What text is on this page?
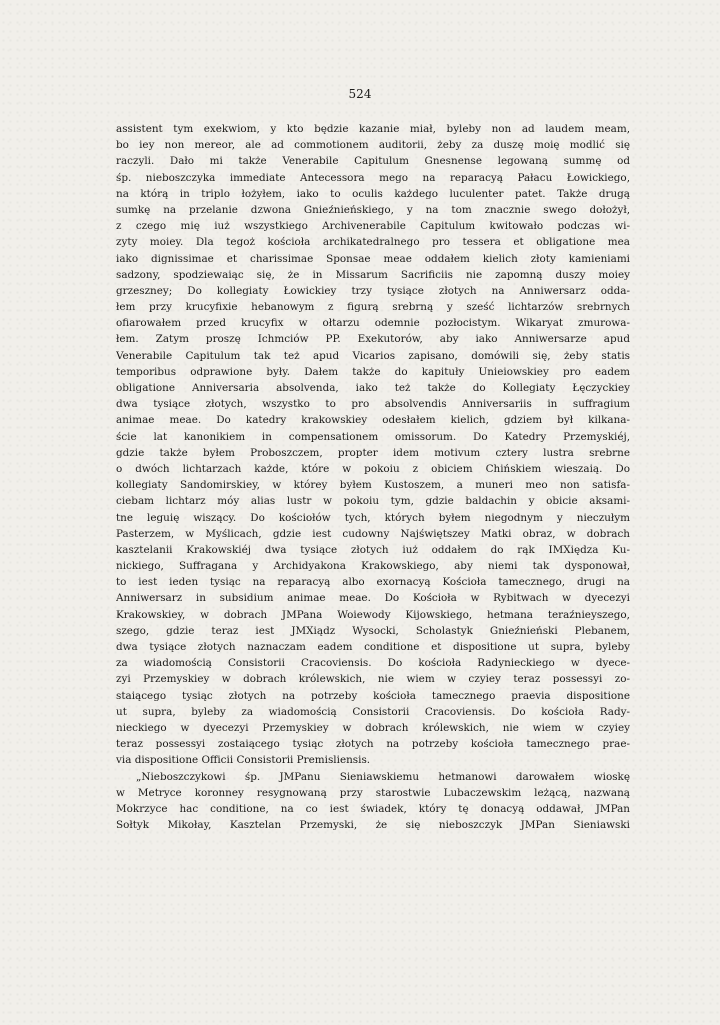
524
assistent tym exekwiom, y kto będzie kazanie miał, byleby non ad laudem meam,
bo iey non mereor, ale ad commotionem auditorii, żeby za duszę moię modlić się
raczyli. Dało mi także Venerabile Capitulum Gnesnense legowaną summę od
śp. nieboszczyka immediate Antecessora mego na reparacyą Pałacu Łowickiego,
na którą in triplo łożyłem, iako to oculis każdego luculenter patet. Także drugą
sumkę na przelanie dzwona Gnieźnieńskiego, y na tom znacznie swego dołożył,
z czego mię iuż wszystkiego Archivenerabile Capitulum kwitowało podczas wi-
zyty moiey. Dla tegoż kościoła archikatedralnego pro tessera et obligatione mea
iako dignissimae et charissimae Sponsae meae oddałem kielich złoty kamieniami
sadzony, spodziewaiąc się, że in Missarum Sacrificiis nie zapomną duszy moiey
grzeszney; Do kollegiaty Łowickiey trzy tysiące złotych na Anniwersarz odda-
łem przy krucyfixie hebanowym z figurą srebrną y sześć lichtarzów srebrnych
ofiarowałem przed krucyfix w ołtarzu odemnie pozłocistym. Wikaryat zmurowa-
łem. Zatym proszę Ichmciów PP. Exekutorów, aby iako Anniwersarze apud
Venerabile Capitulum tak też apud Vicarios zapisano, domówili się, żeby statis
temporibus odprawione były. Dałem także do kapituły Unieiowskiey pro eadem
obligatione Anniversaria absolvenda, iako też także do Kollegiaty Łęczyckiey
dwa tysiące złotych, wszystko to pro absolvendis Anniversariis in suffragium
animae meae. Do katedry krakowskiey odesłałem kielich, gdziem był kilkana-
ście lat kanonikiem in compensationem omissorum. Do Katedry Przemyskiéj,
gdzie także byłem Proboszczem, propter idem motivum cztery lustra srebrne
o dwóch lichtarzach każde, które w pokoiu z obiciem Chińskiem wieszaią. Do
kollegiaty Sandomirskiey, w którey byłem Kustoszem, a muneri meo non satisfa-
ciebam lichtarz móy alias lustr w pokoiu tym, gdzie baldachin y obicie aksami-
tne leguię wiszący. Do kościołów tych, których byłem niegodnym y nieczułym
Pasterzem, w Myślicach, gdzie iest cudowny Najświętszey Matki obraz, w dobrach
kasztelanii Krakowskiéj dwa tysiące złotych iuż oddałem do rąk IMXiędza Ku-
nickiego, Suffragana y Archidyakona Krakowskiego, aby niemi tak dysponował,
to iest ieden tysiąc na reparacyą albo exornacyą Kościoła tamecznego, drugi na
Anniwersarz in subsidium animae meae. Do Kościoła w Rybitwach w dyecezyi
Krakowskiey, w dobrach JMPana Woiewody Kijowskiego, hetmana teraźnieyszego,
szego, gdzie teraz iest JMXiądz Wysocki, Scholastyk Gnieźnieński Plebanem,
dwa tysiące złotych naznaczam eadem conditione et dispositione ut supra, byleby
za wiadomością Consistorii Cracoviensis. Do kościoła Radynieckiego w dyece-
zyi Przemyskiey w dobrach królewskich, nie wiem w czyiey teraz possessyi zo-
staiącego tysiąc złotych na potrzeby kościoła tamecznego praevia dispositione
ut supra, byleby za wiadomością Consistorii Cracoviensis. Do kościoła Rady-
nieckiego w dyecezyi Przemyskiey w dobrach królewskich, nie wiem w czyiey
teraz possessyi zostaiącego tysiąc złotych na potrzeby kościoła tamecznego prae-
via dispositione Officii Consistorii Premisliensis.
„Nieboszczykowi śp. JMPanu Sieniawskiemu hetmanowi darowałem wioskę
w Metryce koronney resygnowaną przy starostwie Lubaczewskim leżącą, nazwaną
Mokrzyce hac conditione, na co iest świadek, który tę donacyą oddawał, JMPan
Sołtyk Mikołay, Kasztelan Przemyski, że się nieboszczyk JMPan Sieniawski
